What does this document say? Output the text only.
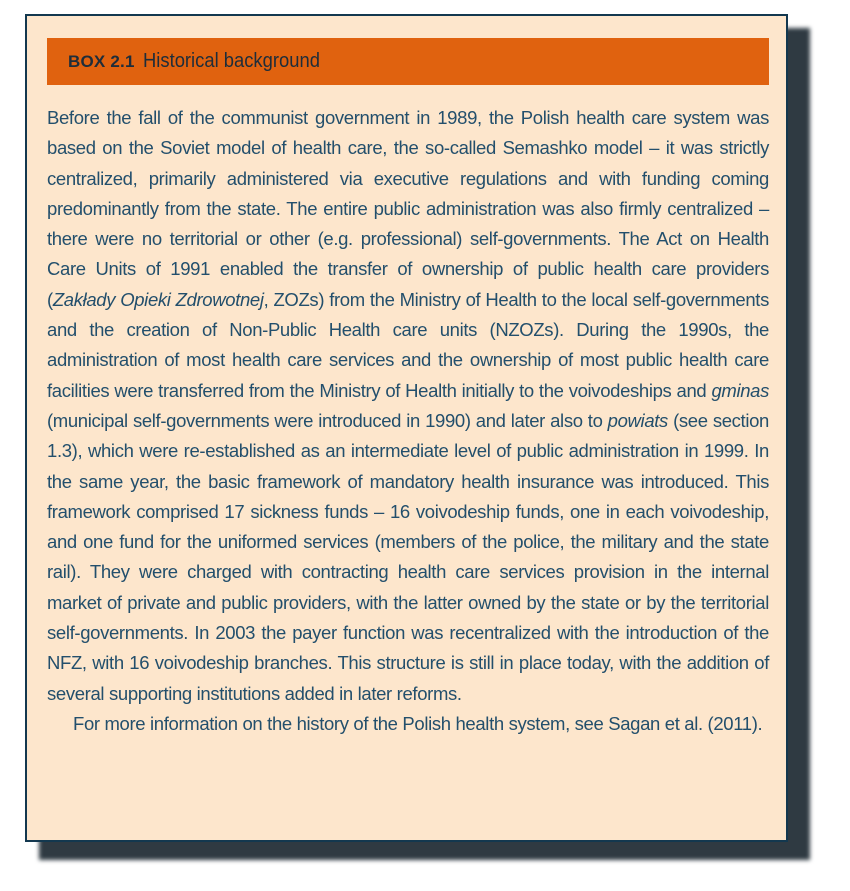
BOX 2.1 Historical background

Before the fall of the communist government in 1989, the Polish health care system was based on the Soviet model of health care, the so-called Semashko model – it was strictly centralized, primarily administered via executive regulations and with funding coming predominantly from the state. The entire public administration was also firmly centralized – there were no territorial or other (e.g. professional) self-governments. The Act on Health Care Units of 1991 enabled the transfer of ownership of public health care providers (Zakłady Opieki Zdrowotnej, ZOZs) from the Ministry of Health to the local self-governments and the creation of Non-Public Health care units (NZOZs). During the 1990s, the administration of most health care services and the ownership of most public health care facilities were transferred from the Ministry of Health initially to the voivodeships and gminas (municipal self-governments were introduced in 1990) and later also to powiats (see section 1.3), which were re-established as an intermediate level of public administration in 1999. In the same year, the basic framework of mandatory health insurance was introduced. This framework comprised 17 sickness funds – 16 voivodeship funds, one in each voivodeship, and one fund for the uniformed services (members of the police, the military and the state rail). They were charged with contracting health care services provision in the internal market of private and public providers, with the latter owned by the state or by the territorial self-governments. In 2003 the payer function was recentralized with the introduction of the NFZ, with 16 voivodeship branches. This structure is still in place today, with the addition of several supporting institutions added in later reforms.

For more information on the history of the Polish health system, see Sagan et al. (2011).
